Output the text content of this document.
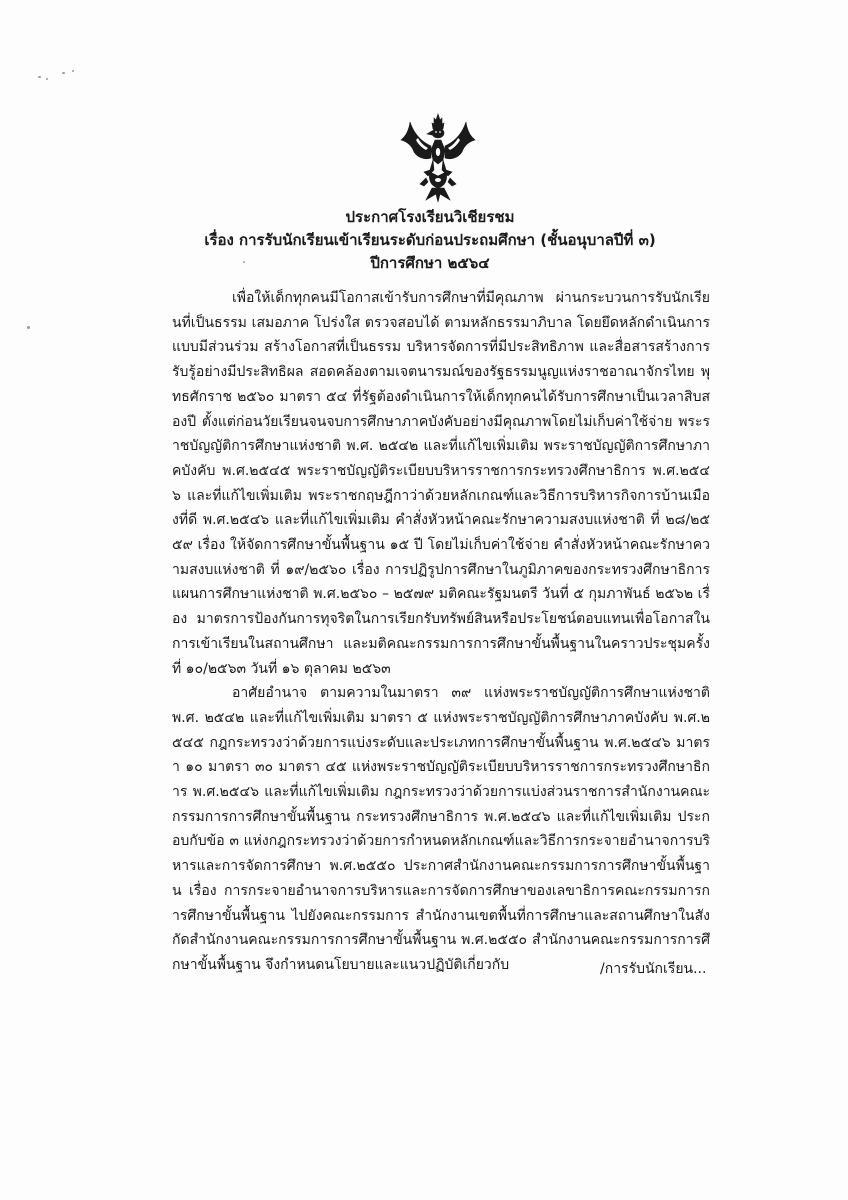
ประกาศโรงเรียนวิเชียรชม
เรื่อง การรับนักเรียนเข้าเรียนระดับก่อนประถมศึกษา (ชั้นอนุบาลปีที่ ๓)
ปีการศึกษา ๒๕๖๔

เพื่อให้เด็กทุกคนมีโอกาสเข้ารับการศึกษาที่มีคุณภาพ ผ่านกระบวนการรับนักเรียนที่เป็นธรรม เสมอภาค โปร่งใส ตรวจสอบได้ ตามหลักธรรมาภิบาล โดยยึดหลักดำเนินการแบบมีส่วนร่วม สร้างโอกาสที่เป็นธรรม บริหารจัดการที่มีประสิทธิภาพ และสื่อสารสร้างการรับรู้อย่างมีประสิทธิผล สอดคล้องตามเจตนารมณ์ของรัฐธรรมนูญแห่งราชอาณาจักรไทย พุทธศักราช ๒๕๖๐ มาตรา ๕๔ ที่รัฐต้องดำเนินการให้เด็กทุกคนได้รับการศึกษาเป็นเวลาสิบสองปี ตั้งแต่ก่อนวัยเรียนจนจบการศึกษาภาคบังคับอย่างมีคุณภาพโดยไม่เก็บค่าใช้จ่าย พระราชบัญญัติการศึกษาแห่งชาติ พ.ศ. ๒๕๔๒ และที่แก้ไขเพิ่มเติม พระราชบัญญัติการศึกษาภาคบังคับ พ.ศ.๒๕๔๕ พระราชบัญญัติระเบียบบริหารราชการกระทรวงศึกษาธิการ พ.ศ.๒๕๔๖ และที่แก้ไขเพิ่มเติม พระราชกฤษฎีกาว่าด้วยหลักเกณฑ์และวิธีการบริหารกิจการบ้านเมืองที่ดี พ.ศ.๒๕๔๖ และที่แก้ไขเพิ่มเติม คำสั่งหัวหน้าคณะรักษาความสงบแห่งชาติ ที่ ๒๘/๒๕๕๙ เรื่อง ให้จัดการศึกษาขั้นพื้นฐาน ๑๕ ปี โดยไม่เก็บค่าใช้จ่าย คำสั่งหัวหน้าคณะรักษาความสงบแห่งชาติ ที่ ๑๙/๒๕๖๐ เรื่อง การปฏิรูปการศึกษาในภูมิภาคของกระทรวงศึกษาธิการ แผนการศึกษาแห่งชาติ พ.ศ.๒๕๖๐ – ๒๕๗๙ มติคณะรัฐมนตรี วันที่ ๕ กุมภาพันธ์ ๒๕๖๒ เรื่อง มาตรการป้องกันการทุจริตในการเรียกรับทรัพย์สินหรือประโยชน์ตอบแทนเพื่อโอกาสในการเข้าเรียนในสถานศึกษา และมติคณะกรรมการการศึกษาขั้นพื้นฐานในคราวประชุมครั้งที่ ๑๐/๒๕๖๓ วันที่ ๑๖ ตุลาคม ๒๕๖๓

อาศัยอำนาจ ตามความในมาตรา ๓๙ แห่งพระราชบัญญัติการศึกษาแห่งชาติ พ.ศ. ๒๕๔๒ และที่แก้ไขเพิ่มเติม มาตรา ๕ แห่งพระราชบัญญัติการศึกษาภาคบังคับ พ.ศ.๒๕๔๕ กฎกระทรวงว่าด้วยการแบ่งระดับและประเภทการศึกษาขั้นพื้นฐาน พ.ศ.๒๕๔๖ มาตรา ๑๐ มาตรา ๓๐ มาตรา ๔๕ แห่งพระราชบัญญัติระเบียบบริหารราชการกระทรวงศึกษาธิการ พ.ศ.๒๕๔๖ และที่แก้ไขเพิ่มเติม กฎกระทรวงว่าด้วยการแบ่งส่วนราชการสำนักงานคณะกรรมการการศึกษาขั้นพื้นฐาน กระทรวงศึกษาธิการ พ.ศ.๒๕๔๖ และที่แก้ไขเพิ่มเติม ประกอบกับข้อ ๓ แห่งกฎกระทรวงว่าด้วยการกำหนดหลักเกณฑ์และวิธีการกระจายอำนาจการบริหารและการจัดการศึกษา พ.ศ.๒๕๕๐ ประกาศสำนักงานคณะกรรมการการศึกษาขั้นพื้นฐาน เรื่อง การกระจายอำนาจการบริหารและการจัดการศึกษาของเลขาธิการคณะกรรมการการศึกษาขั้นพื้นฐาน ไปยังคณะกรรมการ สำนักงานเขตพื้นที่การศึกษาและสถานศึกษาในสังกัดสำนักงานคณะกรรมการการศึกษาขั้นพื้นฐาน พ.ศ.๒๕๕๐ สำนักงานคณะกรรมการการศึกษาขั้นพื้นฐาน จึงกำหนดนโยบายและแนวปฏิบัติเกี่ยวกับ	/การรับนักเรียน...
